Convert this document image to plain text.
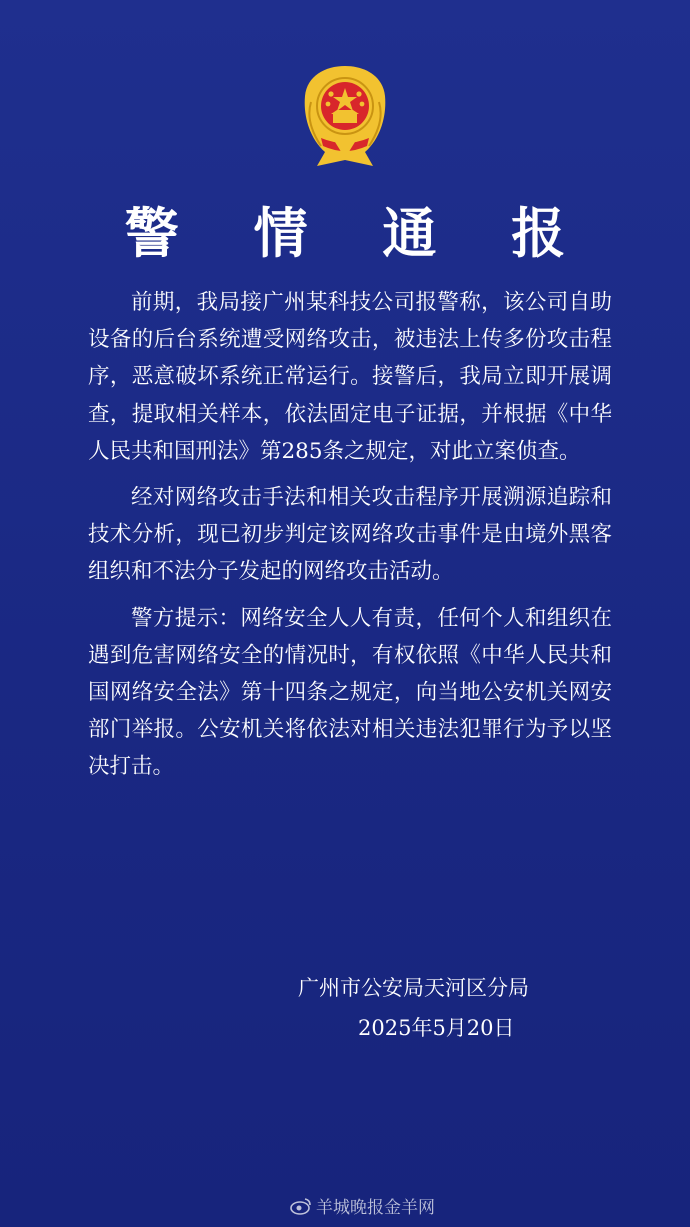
警 情 通 报

前期，我局接广州某科技公司报警称，该公司自助设备的后台系统遭受网络攻击，被违法上传多份攻击程序，恶意破坏系统正常运行。接警后，我局立即开展调查，提取相关样本，依法固定电子证据，并根据《中华人民共和国刑法》第285条之规定，对此立案侦查。

经对网络攻击手法和相关攻击程序开展溯源追踪和技术分析，现已初步判定该网络攻击事件是由境外黑客组织和不法分子发起的网络攻击活动。

警方提示：网络安全人人有责，任何个人和组织在遇到危害网络安全的情况时，有权依照《中华人民共和国网络安全法》第十四条之规定，向当地公安机关网安部门举报。公安机关将依法对相关违法犯罪行为予以坚决打击。

广州市公安局天河区分局
2025年5月20日
羊城晚报金羊网
